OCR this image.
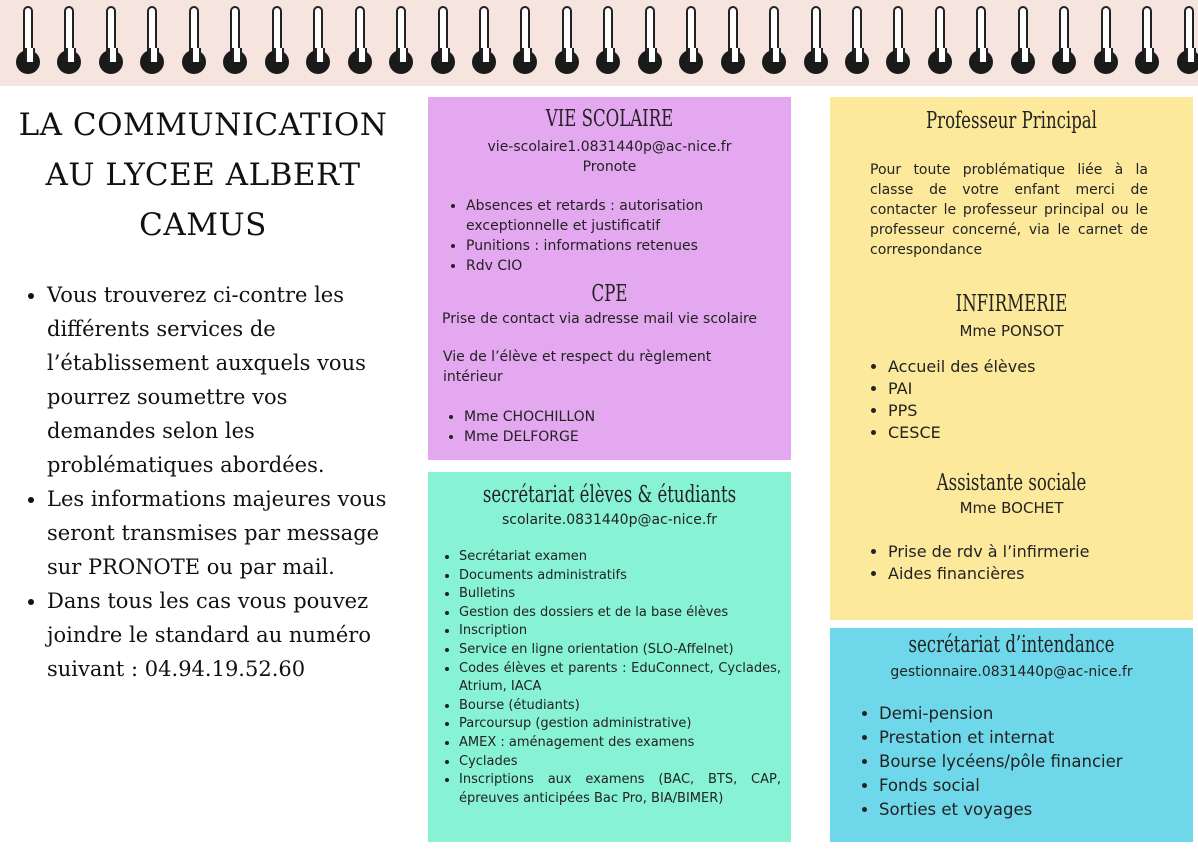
LA COMMUNICATION AU LYCEE ALBERT CAMUS
• Vous trouverez ci-contre les différents services de l’établissement auxquels vous pourrez soumettre vos demandes selon les problématiques abordées.
• Les informations majeures vous seront transmises par message sur PRONOTE ou par mail.
• Dans tous les cas vous pouvez joindre le standard au numéro suivant : 04.94.19.52.60
VIE SCOLAIRE
vie-scolaire1.0831440p@ac-nice.fr
Pronote
• Absences et retards : autorisation exceptionnelle et justificatif
• Punitions : informations retenues
• Rdv CIO
CPE

Prise de contact via adresse mail vie scolaire

Vie de l’élève et respect du règlement intérieur

• Mme CHOCHILLON
• Mme DELFORGE
secrétariat élèves & étudiants
scolarite.0831440p@ac-nice.fr
• Secrétariat examen
• Documents administratifs
• Bulletins
• Gestion des dossiers et de la base élèves
• Inscription
• Service en ligne orientation (SLO-Affelnet)
• Codes élèves et parents : EduConnect, Cyclades, Atrium, IACA
• Bourse (étudiants)
• Parcoursup (gestion administrative)
• AMEX : aménagement des examens
• Cyclades
• Inscriptions aux examens (BAC, BTS, CAP, épreuves anticipées Bac Pro, BIA/BIMER)
Professeur Principal

Pour toute problématique liée à la classe de votre enfant merci de contacter le professeur principal ou le professeur concerné, via le carnet de correspondance

INFIRMERIE
Mme PONSOT
• Accueil des élèves
• PAI
• PPS
• CESCE
Assistante sociale
Mme BOCHET
• Prise de rdv à l’infirmerie
• Aides financières
secrétariat d’intendance
gestionnaire.0831440p@ac-nice.fr
• Demi-pension
• Prestation et internat
• Bourse lycéens/pôle financier
• Fonds social
• Sorties et voyages
